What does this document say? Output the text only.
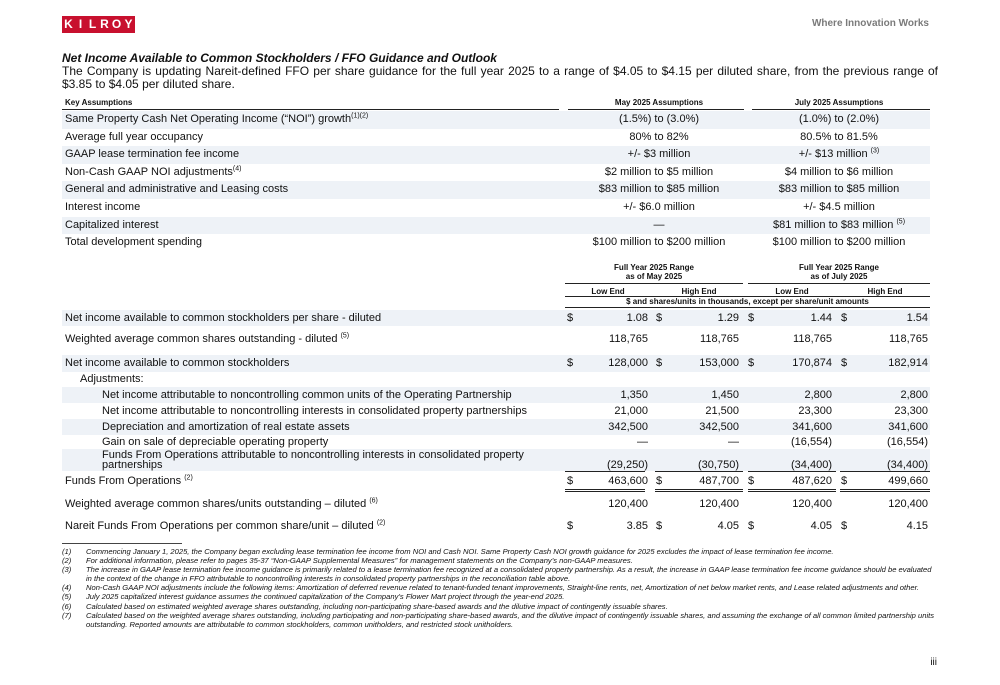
K I L R O Y	Where Innovation Works
Net Income Available to Common Stockholders / FFO Guidance and Outlook
The Company is updating Nareit-defined FFO per share guidance for the full year 2025 to a range of $4.05 to $4.15 per diluted share, from the previous range of $3.85 to $4.05 per diluted share.
Key Assumptions	May 2025 Assumptions	July 2025 Assumptions
Same Property Cash Net Operating Income (“NOI”) growth$^{(1)(2)}$	(1.5%) to (3.0%)	(1.0%) to (2.0%)
Average full year occupancy	80% to 82%	80.5% to 81.5%
GAAP lease termination fee income	+/- $3 million	+/- $13 million $^{(3)}$
Non-Cash GAAP NOI adjustments$^{(4)}$	$2 million to $5 million	$4 million to $6 million
General and administrative and Leasing costs	$83 million to $85 million	$83 million to $85 million
Interest income	+/- $6.0 million	+/- $4.5 million
Capitalized interest	—	$81 million to $83 million $^{(5)}$
Total development spending	$100 million to $200 million	$100 million to $200 million
Full Year 2025 Range
as of May 2025
Full Year 2025 Range
as of July 2025
Low End	High End	Low End	High End
$ and shares/units in thousands, except per share/unit amounts
Net income available to common stockholders per share - diluted	$	1.08 $	1.29 $	1.44 $	1.54
Weighted average common shares outstanding - diluted $^{(5)}$	118,765	118,765	118,765	118,765
Net income available to common stockholders	$	128,000 $	153,000 $	170,874 $	182,914
Adjustments:
Net income attributable to noncontrolling common units of the Operating Partnership	1,350	1,450	2,800	2,800
Net income attributable to noncontrolling interests in consolidated property partnerships	21,000	21,500	23,300	23,300
Depreciation and amortization of real estate assets	342,500	342,500	341,600	341,600
Gain on sale of depreciable operating property	—	—	(16,554)	(16,554)
Funds From Operations attributable to noncontrolling interests in consolidated property partnerships	(29,250)	(30,750)	(34,400)	(34,400)
Funds From Operations $^{(2)}$	$	463,600 $	487,700 $	487,620 $	499,660
Weighted average common shares/units outstanding – diluted $^{(6)}$	120,400	120,400	120,400	120,400
Nareit Funds From Operations per common share/unit – diluted $^{(2)}$	$	3.85 $	4.05 $	4.05 $	4.15
(1)	Commencing January 1, 2025, the Company began excluding lease termination fee income from NOI and Cash NOI. Same Property Cash NOI growth guidance for 2025 excludes the impact of lease termination fee income.
(2)	For additional information, please refer to pages 35-37 “Non-GAAP Supplemental Measures” for management statements on the Company’s non-GAAP measures.
(3)	The increase in GAAP lease termination fee income guidance is primarily related to a lease termination fee recognized at a consolidated property partnership. As a result, the increase in GAAP lease termination fee income guidance should be evaluated in the context of the change in FFO attributable to noncontrolling interests in consolidated property partnerships in the reconciliation table above.
(4)	Non-Cash GAAP NOI adjustments include the following items: Amortization of deferred revenue related to tenant-funded tenant improvements, Straight-line rents, net, Amortization of net below market rents, and Lease related adjustments and other.
(5)	July 2025 capitalized interest guidance assumes the continued capitalization of the Company’s Flower Mart project through the year-end 2025.
(6)	Calculated based on estimated weighted average shares outstanding, including non-participating share-based awards and the dilutive impact of contingently issuable shares.
(7)	Calculated based on the weighted average shares outstanding, including participating and non-participating share-based awards, and the dilutive impact of contingently issuable shares, and assuming the exchange of all common limited partnership units outstanding. Reported amounts are attributable to common stockholders, common unitholders, and restricted stock unitholders.
iii
